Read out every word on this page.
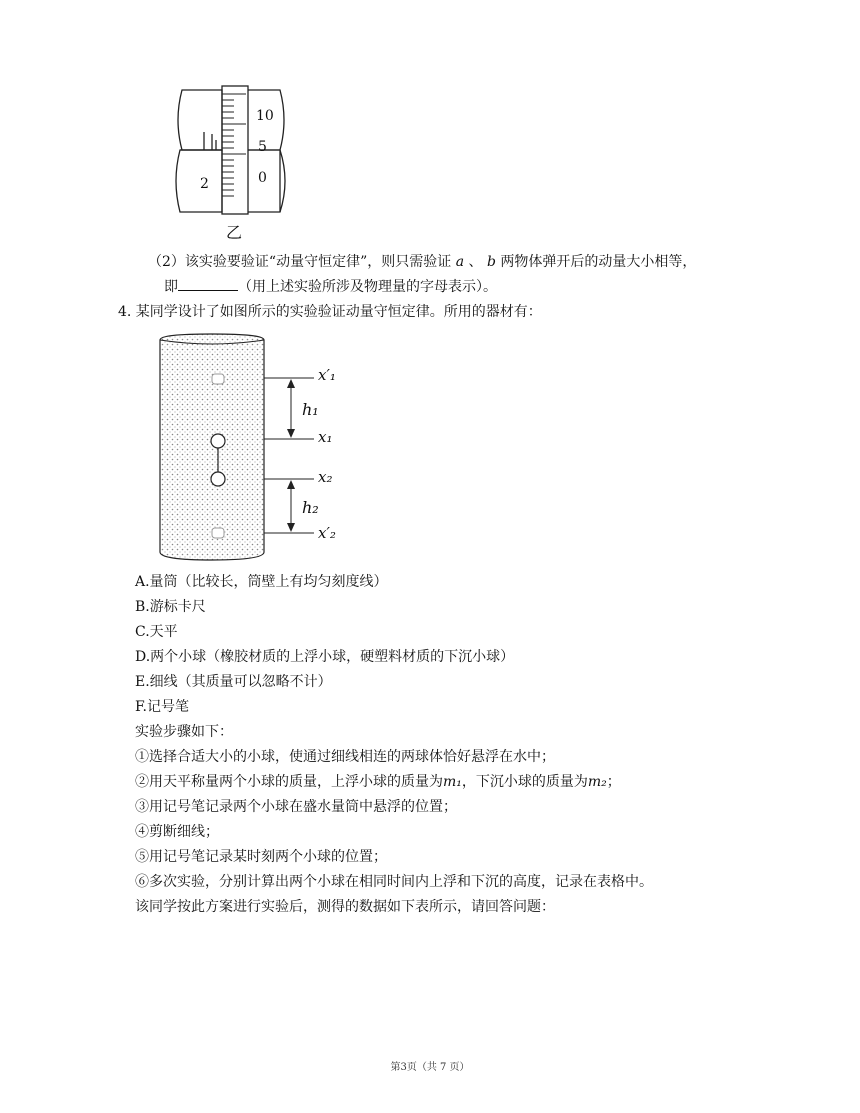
10
5
0
2
乙
（2）该实验要验证“动量守恒定律”，则只需验证 a 、 b 两物体弹开后的动量大小相等，
即	（用上述实验所涉及物理量的字母表示）。
4. 某同学设计了如图所示的实验验证动量守恒定律。所用的器材有：
x′₁
h₁
x₁
x₂
h₂
x′₂
A.量筒（比较长，筒壁上有均匀刻度线）
B.游标卡尺
C.天平
D.两个小球（橡胶材质的上浮小球，硬塑料材质的下沉小球）
E.细线（其质量可以忽略不计）
F.记号笔
实验步骤如下：
①选择合适大小的小球，使通过细线相连的两球体恰好悬浮在水中；
②用天平称量两个小球的质量，上浮小球的质量为m₁，下沉小球的质量为m₂；
③用记号笔记录两个小球在盛水量筒中悬浮的位置；
④剪断细线；
⑤用记号笔记录某时刻两个小球的位置；
⑥多次实验，分别计算出两个小球在相同时间内上浮和下沉的高度，记录在表格中。
该同学按此方案进行实验后，测得的数据如下表所示，请回答问题：
第3页（共 7 页）
